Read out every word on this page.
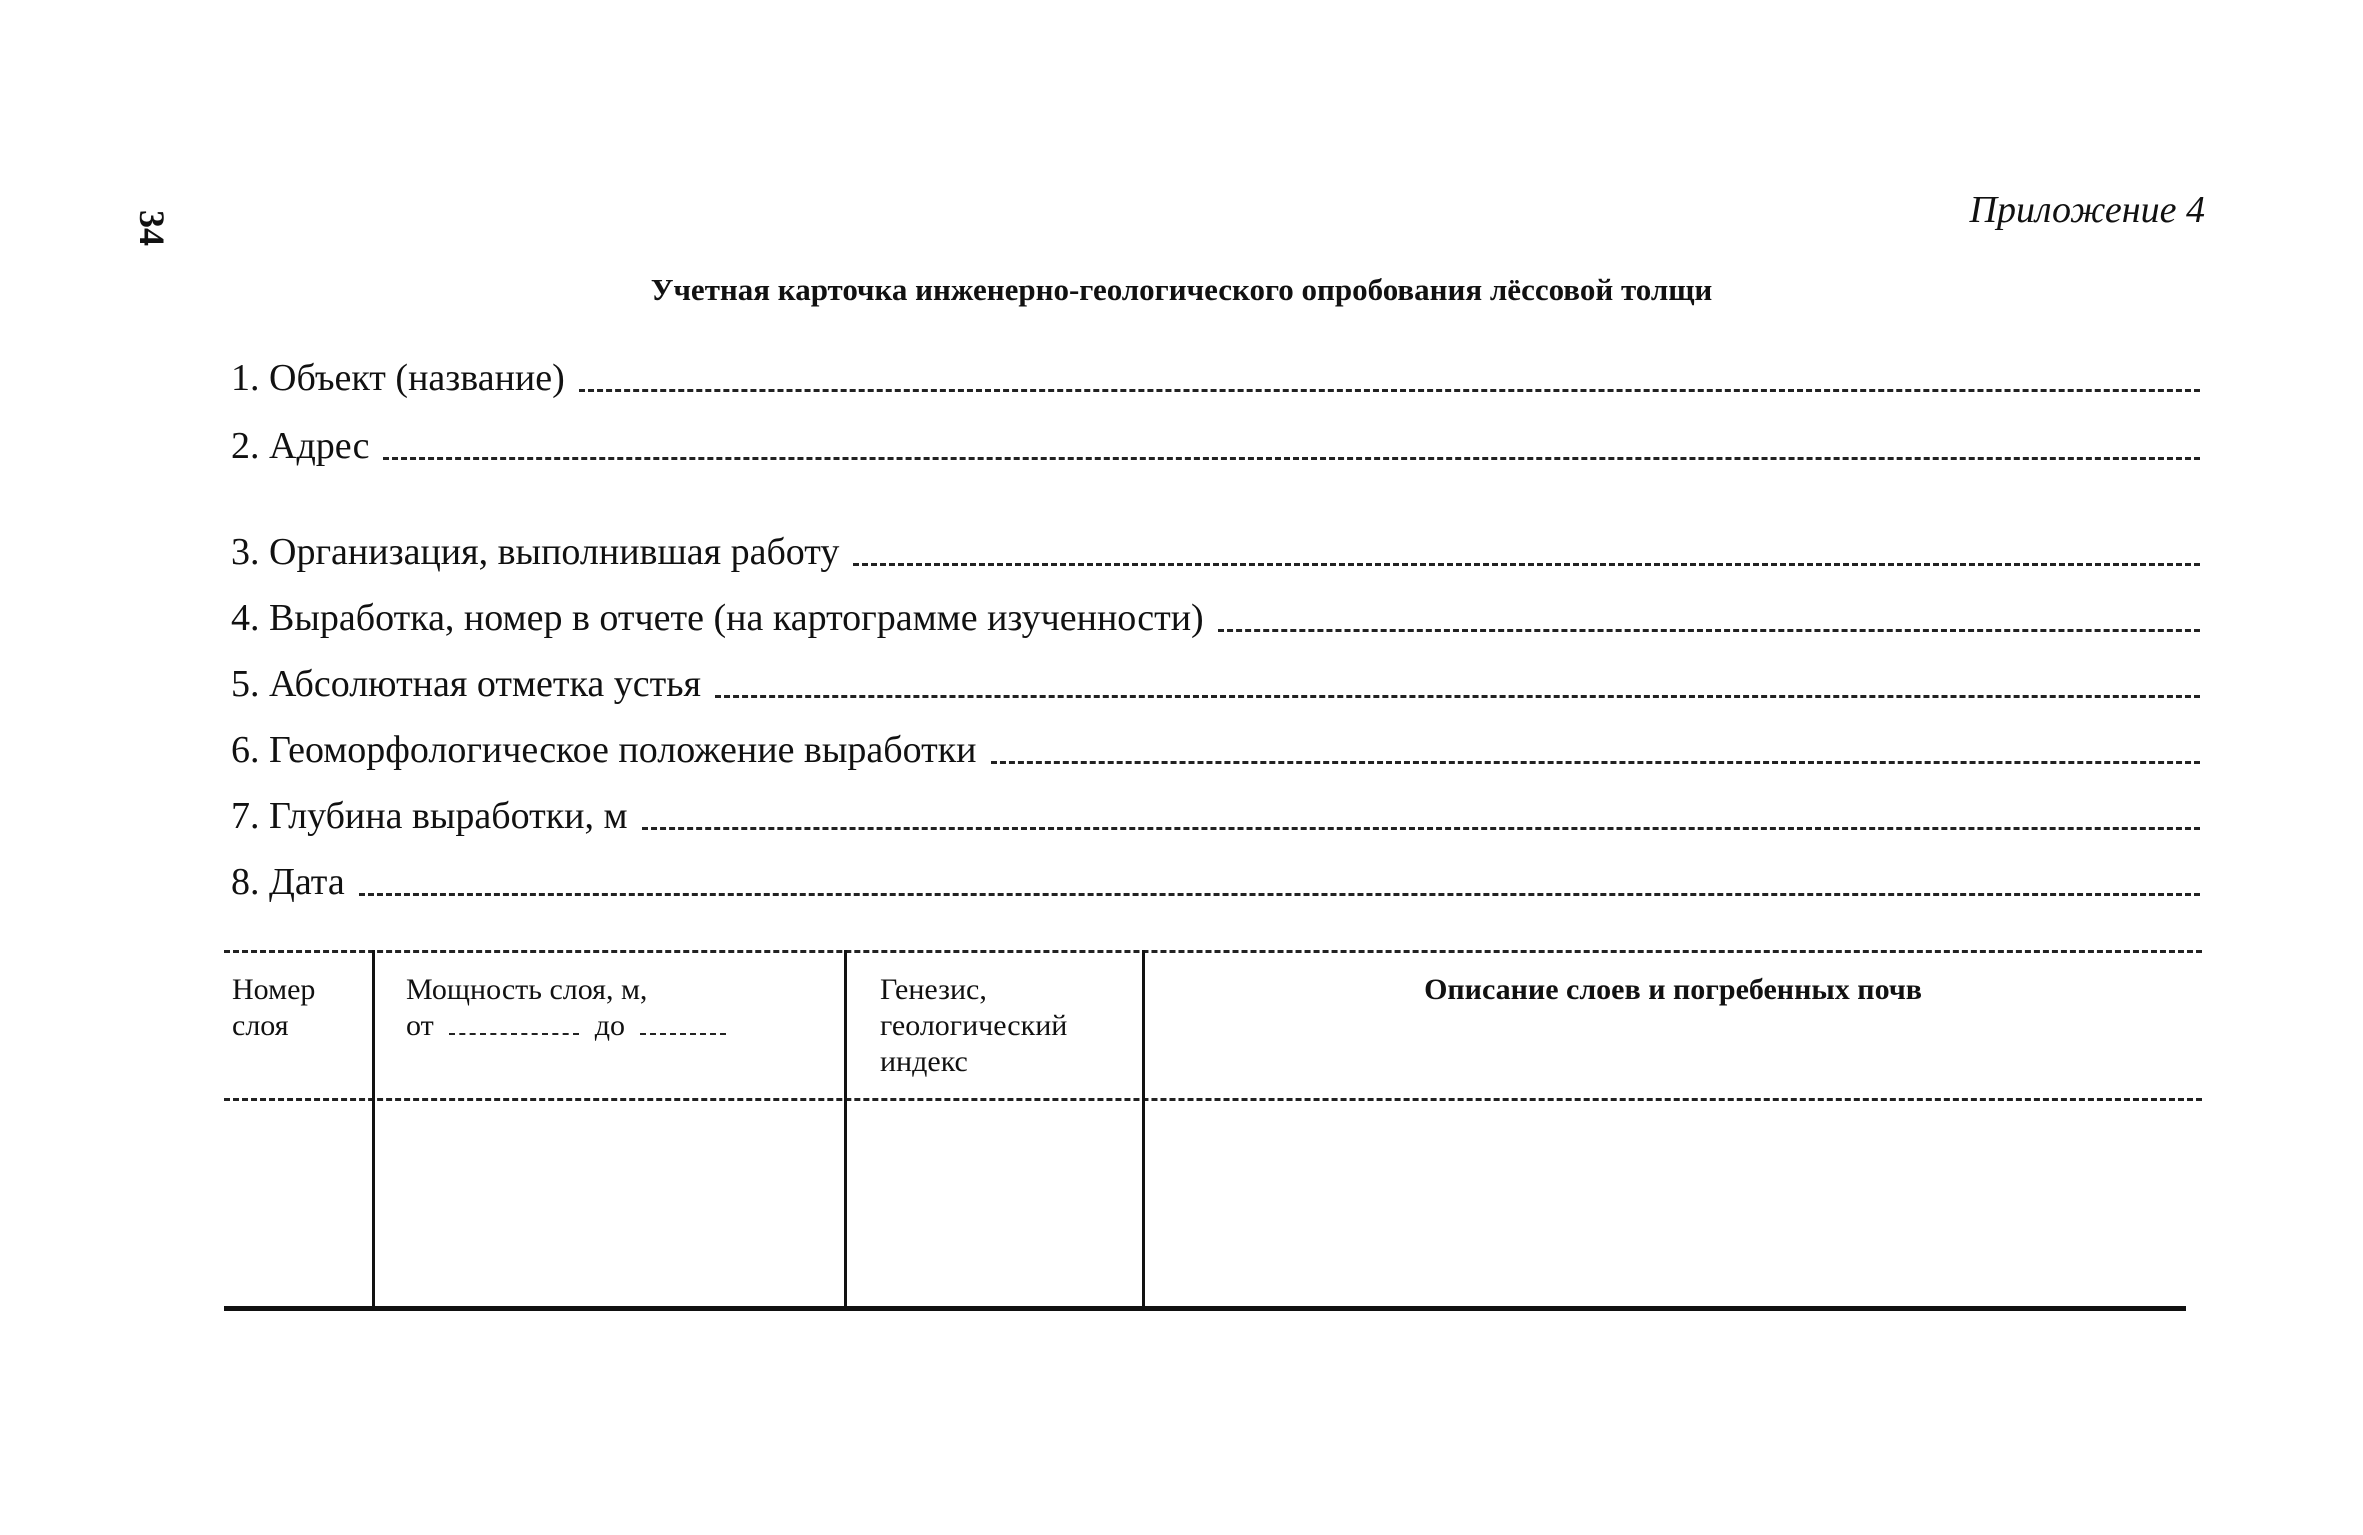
34	Приложение 4
Учетная карточка инженерно-геологического опробования лёссовой толщи
1. Объект (название)
2. Адрес
3. Организация, выполнившая работу
4. Выработка, номер в отчете (на картограмме изученности)
5. Абсолютная отметка устья
6. Геоморфологическое положение выработки
7. Глубина выработки, м
8. Дата
Номер
слоя
Мощность слоя, м,
от	до
Генезис,
геологический
индекс
Описание слоев и погребенных почв
